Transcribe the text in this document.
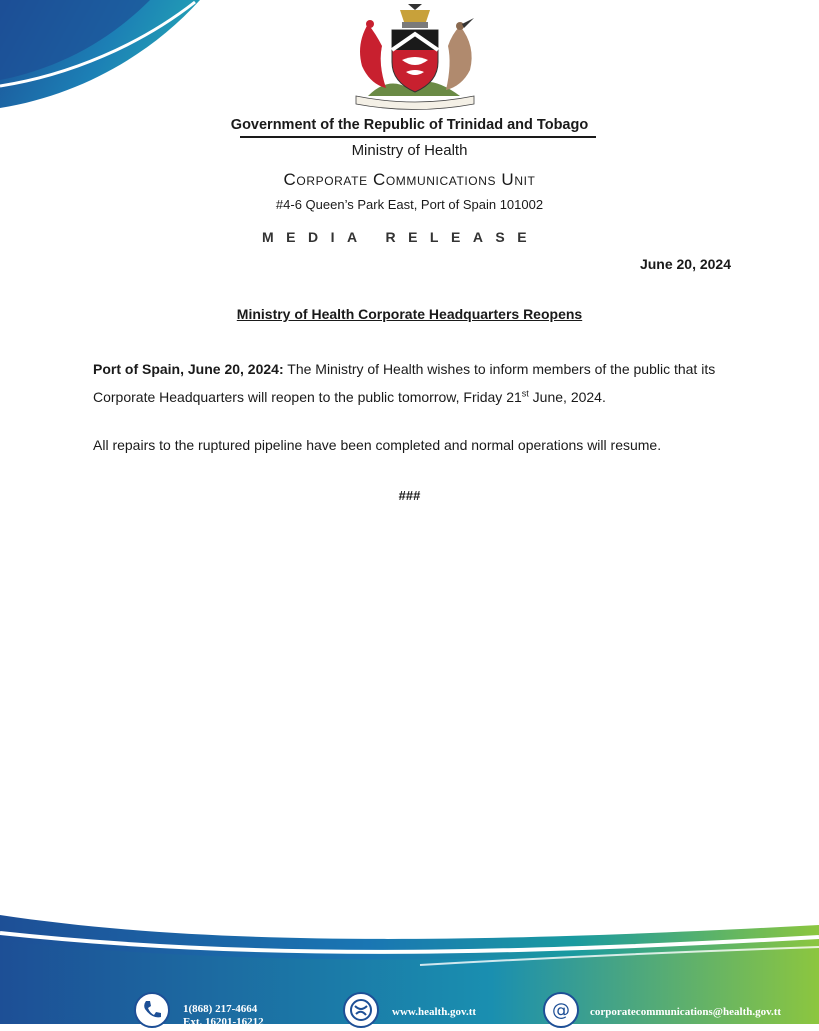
Government of the Republic of Trinidad and Tobago
Ministry of Health
Corporate Communications Unit
#4-6 Queen’s Park East, Port of Spain 101002
MEDIA RELEASE
June 20, 2024
Ministry of Health Corporate Headquarters Reopens
Port of Spain, June 20, 2024: The Ministry of Health wishes to inform members of the public that its Corporate Headquarters will reopen to the public tomorrow, Friday 21st June, 2024.
All repairs to the ruptured pipeline have been completed and normal operations will resume.
###
1(868) 217-4664
Ext. 16201-16212
www.health.gov.tt	@ corporatecommunications@health.gov.tt
